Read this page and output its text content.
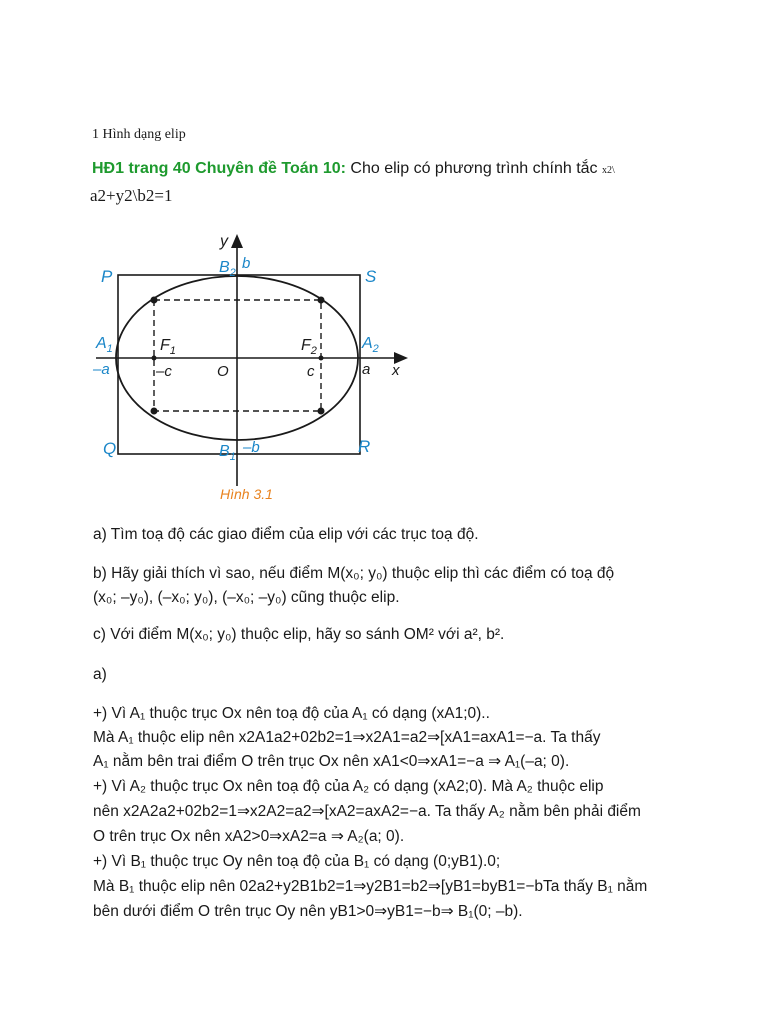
1 Hình dạng elip
HĐ1 trang 40 Chuyên đề Toán 10: Cho elip có phương trình chính tắc x2\
a2+y2\b2=1
y
x
P	S
Q	R
$B_2$
b
$B_1$
–b
$A_1$
–a
$A_2$
a
$F_1$
–c
$F_2$
c
O
Hình 3.1
a) Tìm toạ độ các giao điểm của elip với các trục toạ độ.
b) Hãy giải thích vì sao, nếu điểm M(x₀; y₀) thuộc elip thì các điểm có toạ độ
(x₀; –y₀), (–x₀; y₀), (–x₀; –y₀) cũng thuộc elip.
c) Với điểm M(x₀; y₀) thuộc elip, hãy so sánh OM² với a², b².
a)
+) Vì A₁ thuộc trục Ox nên toạ độ của A₁ có dạng (xA1;0)..
Mà A₁ thuộc elip nên x2A1a2+02b2=1⇒x2A1=a2⇒[xA1=axA1=−a. Ta thấy
A₁ nằm bên trai điểm O trên trục Ox nên xA1<0⇒xA1=−a ⇒ A₁(–a; 0).
+) Vì A₂ thuộc trục Ox nên toạ độ của A₂ có dạng (xA2;0). Mà A₂ thuộc elip
nên x2A2a2+02b2=1⇒x2A2=a2⇒[xA2=axA2=−a. Ta thấy A₂ nằm bên phải điểm
O trên trục Ox nên xA2>0⇒xA2=a ⇒ A₂(a; 0).
+) Vì B₁ thuộc trục Oy nên toạ độ của B₁ có dạng (0;yB1).0;
Mà B₁ thuộc elip nên 02a2+y2B1b2=1⇒y2B1=b2⇒[yB1=byB1=−bTa thấy B₁ nằm
bên dưới điểm O trên trục Oy nên yB1>0⇒yB1=−b⇒ B₁(0; –b).
